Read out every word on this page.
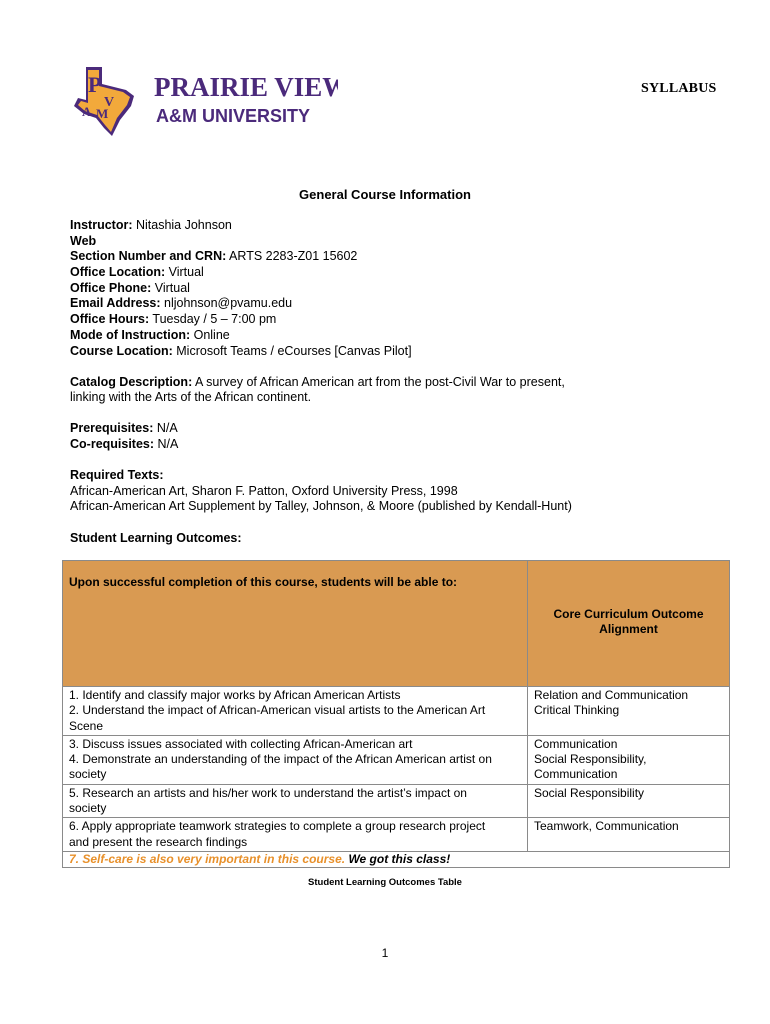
P
V
A M
PRAIRIE VIEW
A&M UNIVERSITY
SYLLABUS
General Course Information
Instructor: Nitashia Johnson
Web
Section Number and CRN: ARTS 2283-Z01 15602
Office Location: Virtual
Office Phone: Virtual
Email Address: nljohnson@pvamu.edu
Office Hours: Tuesday / 5 – 7:00 pm
Mode of Instruction: Online
Course Location: Microsoft Teams / eCourses [Canvas Pilot]
Catalog Description: A survey of African American art from the post-Civil War to present,
linking with the Arts of the African continent.
Prerequisites: N/A
Co-requisites: N/A
Required Texts:
African-American Art, Sharon F. Patton, Oxford University Press, 1998
African-American Art Supplement by Talley, Johnson, & Moore (published by Kendall-Hunt)
Student Learning Outcomes:
Upon successful completion of this course, students will be able to:	Core Curriculum Outcome
Alignment
1. Identify and classify major works by African American Artists
2. Understand the impact of African-American visual artists to the American Art
Scene	Relation and Communication
Critical Thinking
3. Discuss issues associated with collecting African-American art
4. Demonstrate an understanding of the impact of the African American artist on
society	Communication
Social Responsibility,
Communication
5. Research an artists and his/her work to understand the artist’s impact on
society	Social Responsibility
6. Apply appropriate teamwork strategies to complete a group research project
and present the research findings	Teamwork, Communication
7. Self-care is also very important in this course. We got this class!	
Student Learning Outcomes Table
1
